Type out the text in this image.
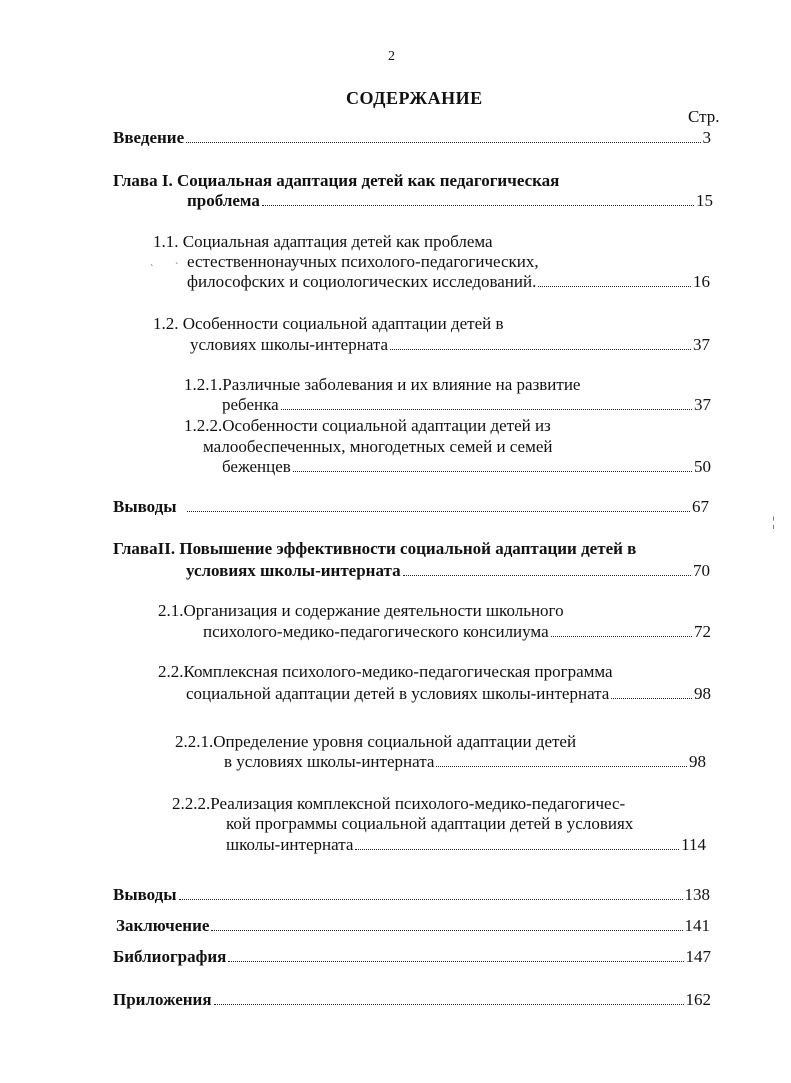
2
СОДЕРЖАНИЕ
Стр.
Введение	3
Глава I. Социальная адаптация детей как педагогическая
проблема	15
1.1. Социальная адаптация детей как проблема
естественнонаучных психолого-педагогических,
` `
философских и социологических исследований.	16
1.2. Особенности социальной адаптации детей в
условиях школы-интерната	37
1.2.1.Различные заболевания и их влияние на развитие
ребенка	37
1.2.2.Особенности социальной адаптации детей из
малообеспеченных, многодетных семей и семей
беженцев	50
Выводы	67
¦
ГлаваII. Повышение эффективности социальной адаптации детей в
условиях школы-интерната	70
2.1.Организация и содержание деятельности школьного
психолого-медико-педагогического консилиума	72
2.2.Комплексная психолого-медико-педагогическая программа
социальной адаптации детей в условиях школы-интерната	98
2.2.1.Определение уровня социальной адаптации детей
в условиях школы-интерната	98
2.2.2.Реализация комплексной психолого-медико-педагогичес-
кой программы социальной адаптации детей в условиях
школы-интерната	114
Выводы	138
Заключение	141
Библиография	147
Приложения	162
